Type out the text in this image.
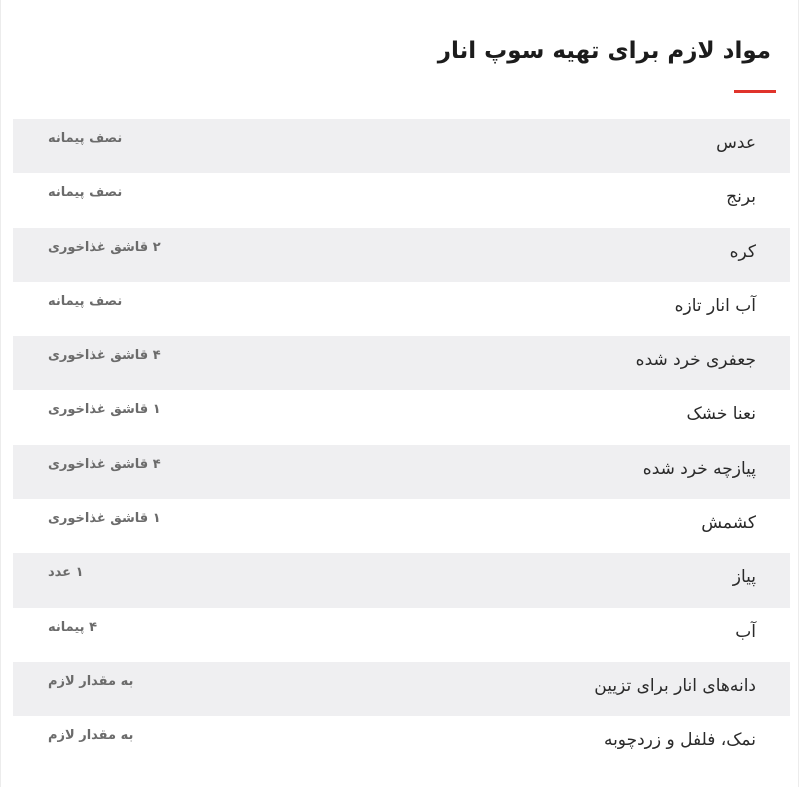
مواد لازم برای تهیه سوپ انار
عدس
نصف پیمانه
برنج
نصف پیمانه
کره
۲ قاشق غذاخوری
آب انار تازه
نصف پیمانه
جعفری خرد شده
۴ قاشق غذاخوری
نعنا خشک
۱ قاشق غذاخوری
پیازچه خرد شده
۴ قاشق غذاخوری
کشمش
۱ قاشق غذاخوری
پیاز
۱ عدد
آب
۴ پیمانه
دانه‌های انار برای تزیین
به مقدار لازم
نمک، فلفل و زردچوبه
به مقدار لازم
